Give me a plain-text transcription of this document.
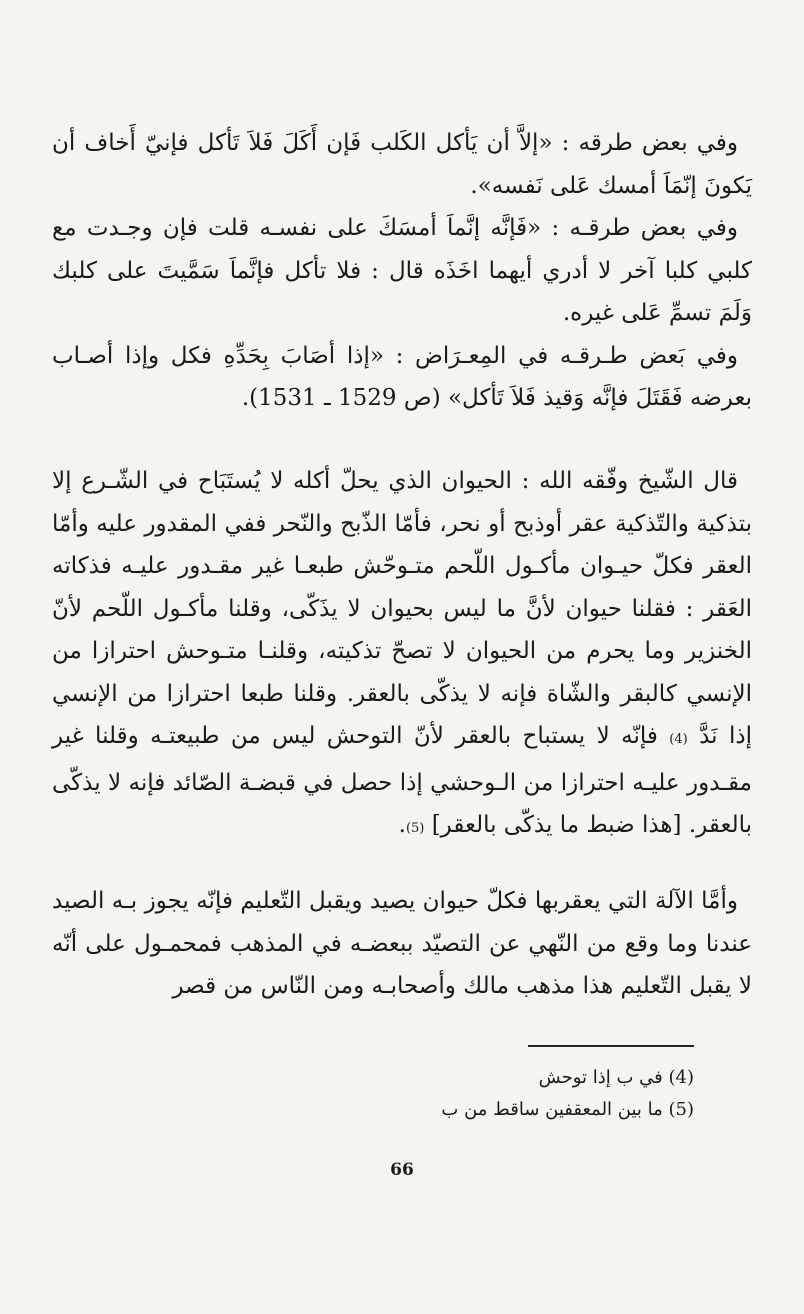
وفي بعض طرقه : «إلاَّ أن يَأكل الكَلب فَإن أَكَلَ فَلاَ تَأكل فإنيّ أَخاف أن يَكونَ إنّمَاَ أمسك عَلى نَفسه».

وفي بعض طرقـه : «فَإنَّه إنَّماَ أمسَكَ على نفسـه قلت فإن وجـدت مع كلبي كلبا آخر لا أدري أيهما اخَذَه قال : فلا تأكل فإنَّماَ سَمَّيتَ على كلبك وَلَمَ تسمِّ عَلى غيره.

وفي بَعض طـرقـه في المِعـرَاض : «إذا أصَابَ بِحَدِّهِ فكل وإذا أصـاب بعرضه فَقَتَلَ فإنَّه وَقيذ فَلاَ تَأكل» (ص 1529 ـ 1531).

قال الشّيخ وفّقه الله : الحيوان الذي يحلّ أكله لا يُستَبَاح في الشّـرع إلا بتذكية والتّذكية عقر أوذبح أو نحر، فأمّا الذّبح والنّحر ففي المقدور عليه وأمّا العقر فكلّ حيـوان مأكـول اللّحم متـوحّش طبعـا غير مقـدور عليـه فذكاته العَقر : فقلنا حيوان لأنَّ ما ليس بحيوان لا يذَكّى، وقلنا مأكـول اللّحم لأنّ الخنزير وما يحرم من الحيوان لا تصحّ تذكيته، وقلنـا متـوحش احترازا من الإنسي كالبقر والشّاة فإنه لا يذكّى بالعقر. وقلنا طبعا احترازا من الإنسي إذا نَدَّ (4) فإنّه لا يستباح بالعقر لأنّ التوحش ليس من طبيعتـه وقلنا غير مقـدور عليـه احترازا من الـوحشي إذا حصل في قبضـة الصّائد فإنه لا يذكّى بالعقر. [هذا ضبط ما يذكّى بالعقر] (5).

وأمَّا الآلة التي يعقربها فكلّ حيوان يصيد ويقبل التّعليم فإنّه يجوز بـه الصيد عندنا وما وقع من النّهي عن التصيّد ببعضـه في المذهب فمحمـول على أنّه لا يقبل التّعليم هذا مذهب مالك وأصحابـه ومن النّاس من قصر

(4) في ب إذا توحش
(5) ما بين المعقفين ساقط من ب
66
